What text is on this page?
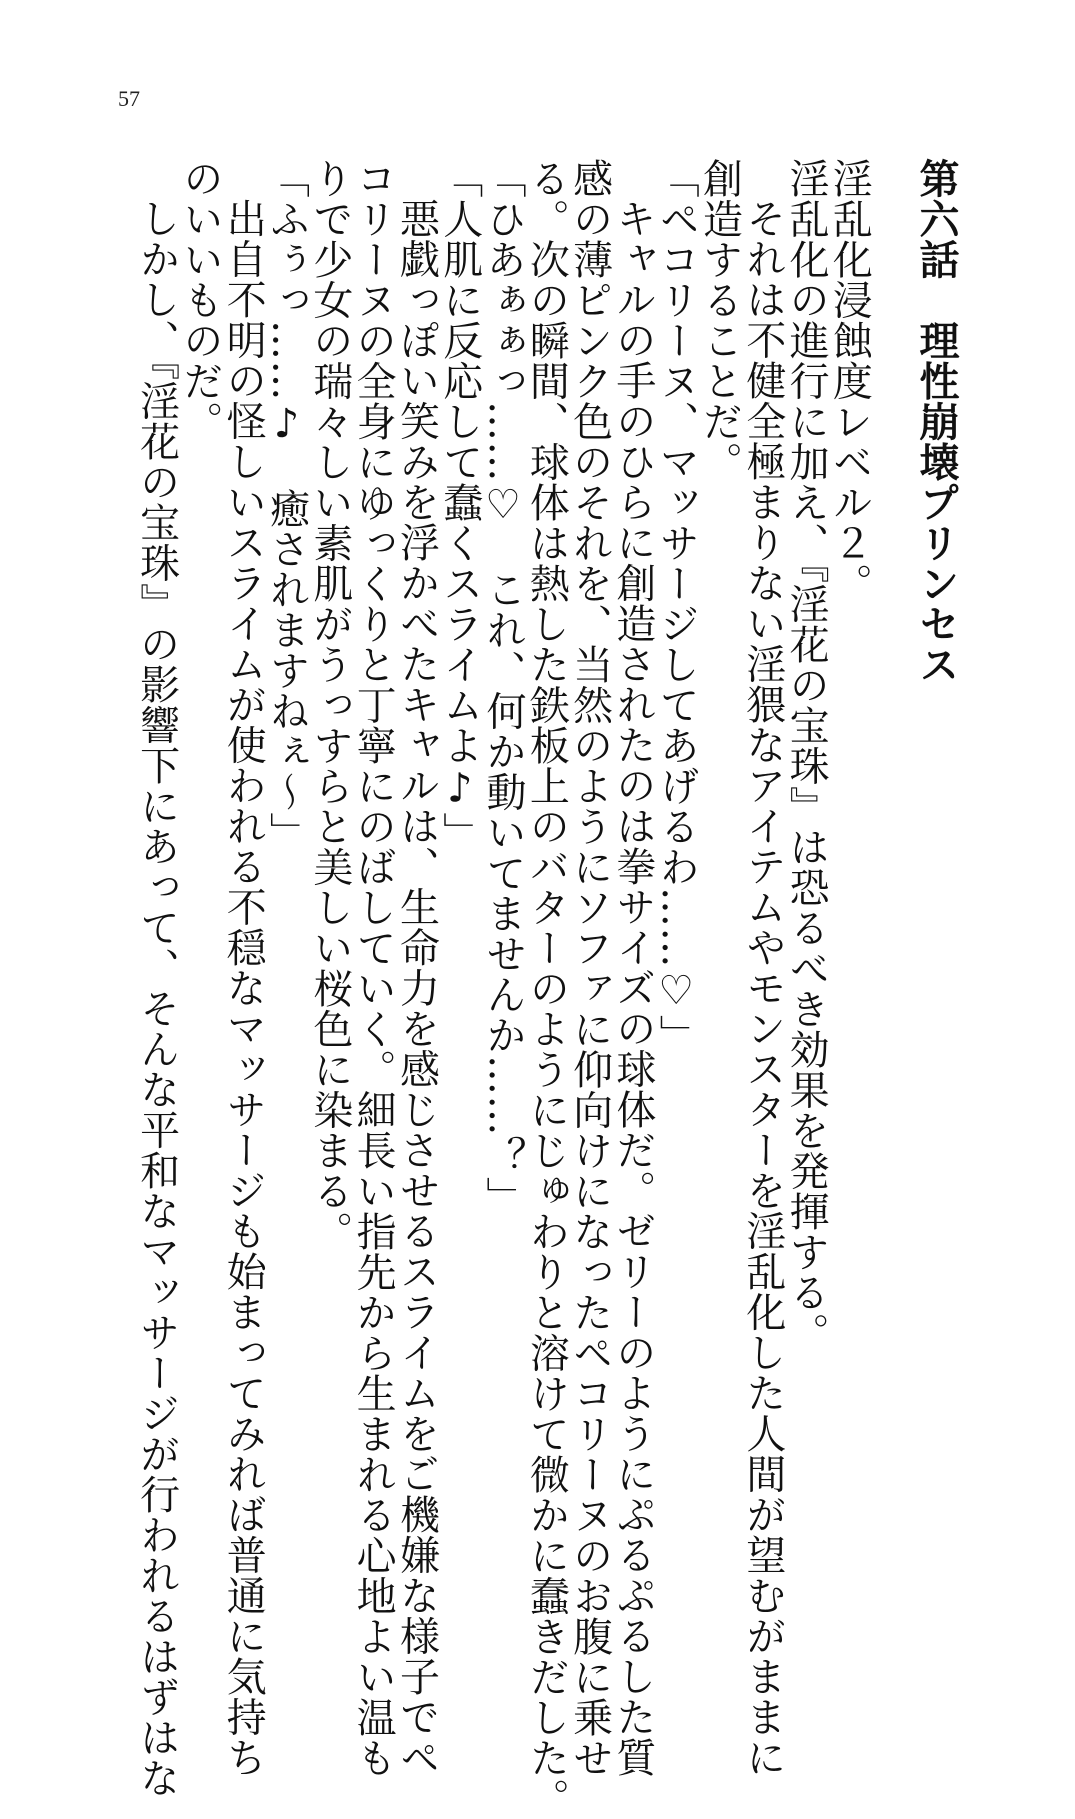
57
第六話　理性崩壊プリンセス
淫乱化浸蝕度レベル２。
淫乱化の進行に加え、『淫花の宝珠』は恐るべき効果を発揮する。
それは不健全極まりない淫猥なアイテムやモンスターを淫乱化した人間が望むがままに
創造することだ。
「ペコリーヌ、マッサージしてあげるわ……♡」
キャルの手のひらに創造されたのは拳サイズの球体だ。ゼリーのようにぷるぷるした質
感の薄ピンク色のそれを、当然のようにソファに仰向けになったペコリーヌのお腹に乗せ
る。次の瞬間、球体は熱した鉄板上のバターのようにじゅわりと溶けて微かに蠢きだした。
「ひあぁぁっ……♡　これ、何か動いてませんか……？」
「人肌に反応して蠢くスライムよ♪」
悪戯っぽい笑みを浮かべたキャルは、生命力を感じさせるスライムをご機嫌な様子でペ
コリーヌの全身にゆっくりと丁寧にのばしていく。細長い指先から生まれる心地よい温も
りで少女の瑞々しい素肌がうっすらと美しい桜色に染まる。
「ふぅっ……♪　癒されますねぇ～」
出自不明の怪しいスライムが使われる不穏なマッサージも始まってみれば普通に気持ち
のいいものだ。
しかし、『淫花の宝珠』の影響下にあって、そんな平和なマッサージが行われるはずはな
